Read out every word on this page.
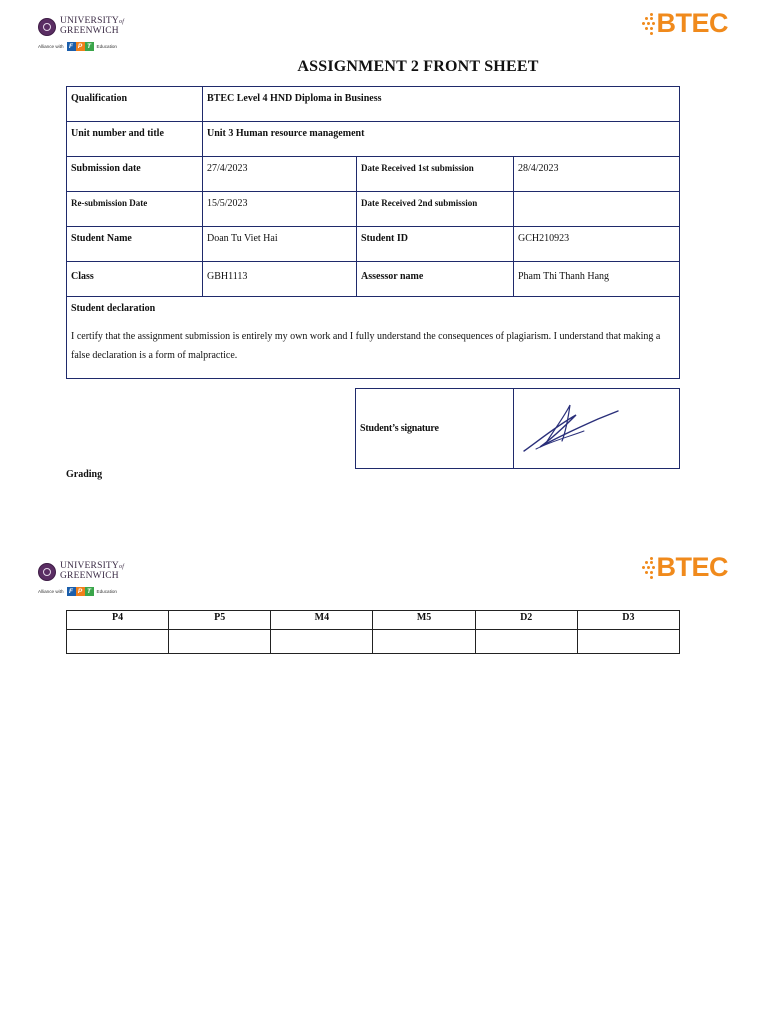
UNIVERSITYof
GREENWICH
Alliance with F P T	Education
BTEC
ASSIGNMENT 2 FRONT SHEET
Qualification	BTEC Level 4 HND Diploma in Business		
Unit number and title	Unit 3 Human resource management		
Submission date	27/4/2023	Date Received 1st submission	28/4/2023
Re-submission Date	15/5/2023	Date Received 2nd submission	
Student Name	Doan Tu Viet Hai	Student ID	GCH210923
Class	GBH1113	Assessor name	Pham Thi Thanh Hang

Student declaration
I certify that the assignment submission is entirely my own work and I fully understand the consequences of plagiarism. I understand that making a false declaration is a form of malpractice.			
Student’s signature	
Grading
UNIVERSITYof
GREENWICH
Alliance with F P T	Education
BTEC
P4	P5	M4	M5	D2	D3
